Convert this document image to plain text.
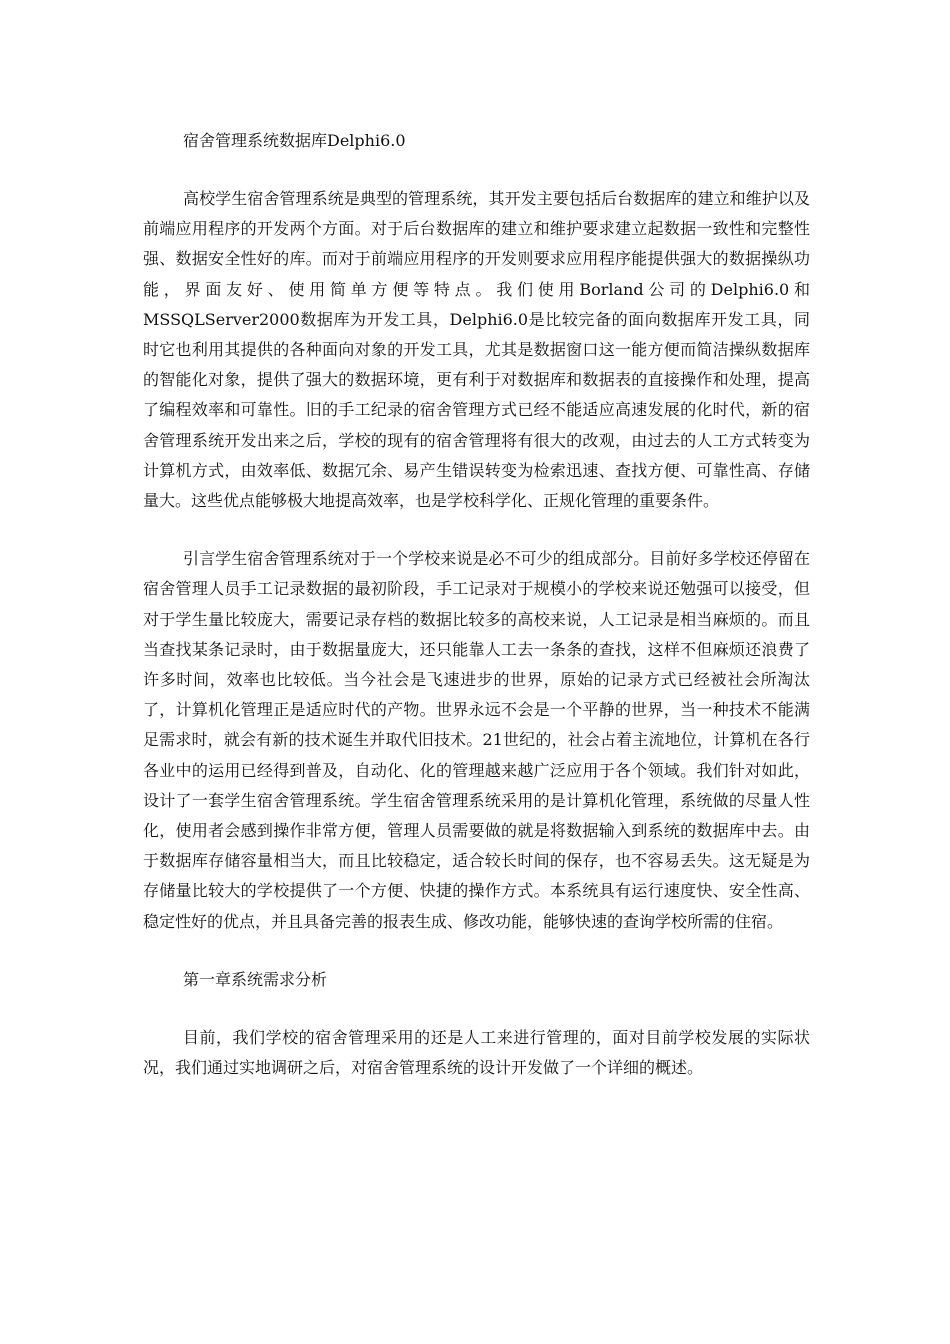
宿舍管理系统数据库Delphi6.0

高校学生宿舍管理系统是典型的管理系统，其开发主要包括后台数据库的建立和维护以及前端应用程序的开发两个方面。对于后台数据库的建立和维护要求建立起数据一致性和完整性强、数据安全性好的库。而对于前端应用程序的开发则要求应用程序能提供强大的数据操纵功能，界面友好、使用简单方便等特点。我们使用Borland公司的Delphi6.0和MSSQLServer2000数据库为开发工具，Delphi6.0是比较完备的面向数据库开发工具，同时它也利用其提供的各种面向对象的开发工具，尤其是数据窗口这一能方便而简洁操纵数据库的智能化对象，提供了强大的数据环境，更有利于对数据库和数据表的直接操作和处理，提高了编程效率和可靠性。旧的手工纪录的宿舍管理方式已经不能适应高速发展的化时代，新的宿舍管理系统开发出来之后，学校的现有的宿舍管理将有很大的改观，由过去的人工方式转变为计算机方式，由效率低、数据冗余、易产生错误转变为检索迅速、查找方便、可靠性高、存储量大。这些优点能够极大地提高效率，也是学校科学化、正规化管理的重要条件。

引言学生宿舍管理系统对于一个学校来说是必不可少的组成部分。目前好多学校还停留在宿舍管理人员手工记录数据的最初阶段，手工记录对于规模小的学校来说还勉强可以接受，但对于学生量比较庞大，需要记录存档的数据比较多的高校来说，人工记录是相当麻烦的。而且当查找某条记录时，由于数据量庞大，还只能靠人工去一条条的查找，这样不但麻烦还浪费了许多时间，效率也比较低。当今社会是飞速进步的世界，原始的记录方式已经被社会所淘汰了，计算机化管理正是适应时代的产物。世界永远不会是一个平静的世界，当一种技术不能满足需求时，就会有新的技术诞生并取代旧技术。21世纪的，社会占着主流地位，计算机在各行各业中的运用已经得到普及，自动化、化的管理越来越广泛应用于各个领域。我们针对如此，设计了一套学生宿舍管理系统。学生宿舍管理系统采用的是计算机化管理，系统做的尽量人性化，使用者会感到操作非常方便，管理人员需要做的就是将数据输入到系统的数据库中去。由于数据库存储容量相当大，而且比较稳定，适合较长时间的保存，也不容易丢失。这无疑是为存储量比较大的学校提供了一个方便、快捷的操作方式。本系统具有运行速度快、安全性高、稳定性好的优点，并且具备完善的报表生成、修改功能，能够快速的查询学校所需的住宿。

第一章系统需求分析

目前，我们学校的宿舍管理采用的还是人工来进行管理的，面对目前学校发展的实际状况，我们通过实地调研之后，对宿舍管理系统的设计开发做了一个详细的概述。
